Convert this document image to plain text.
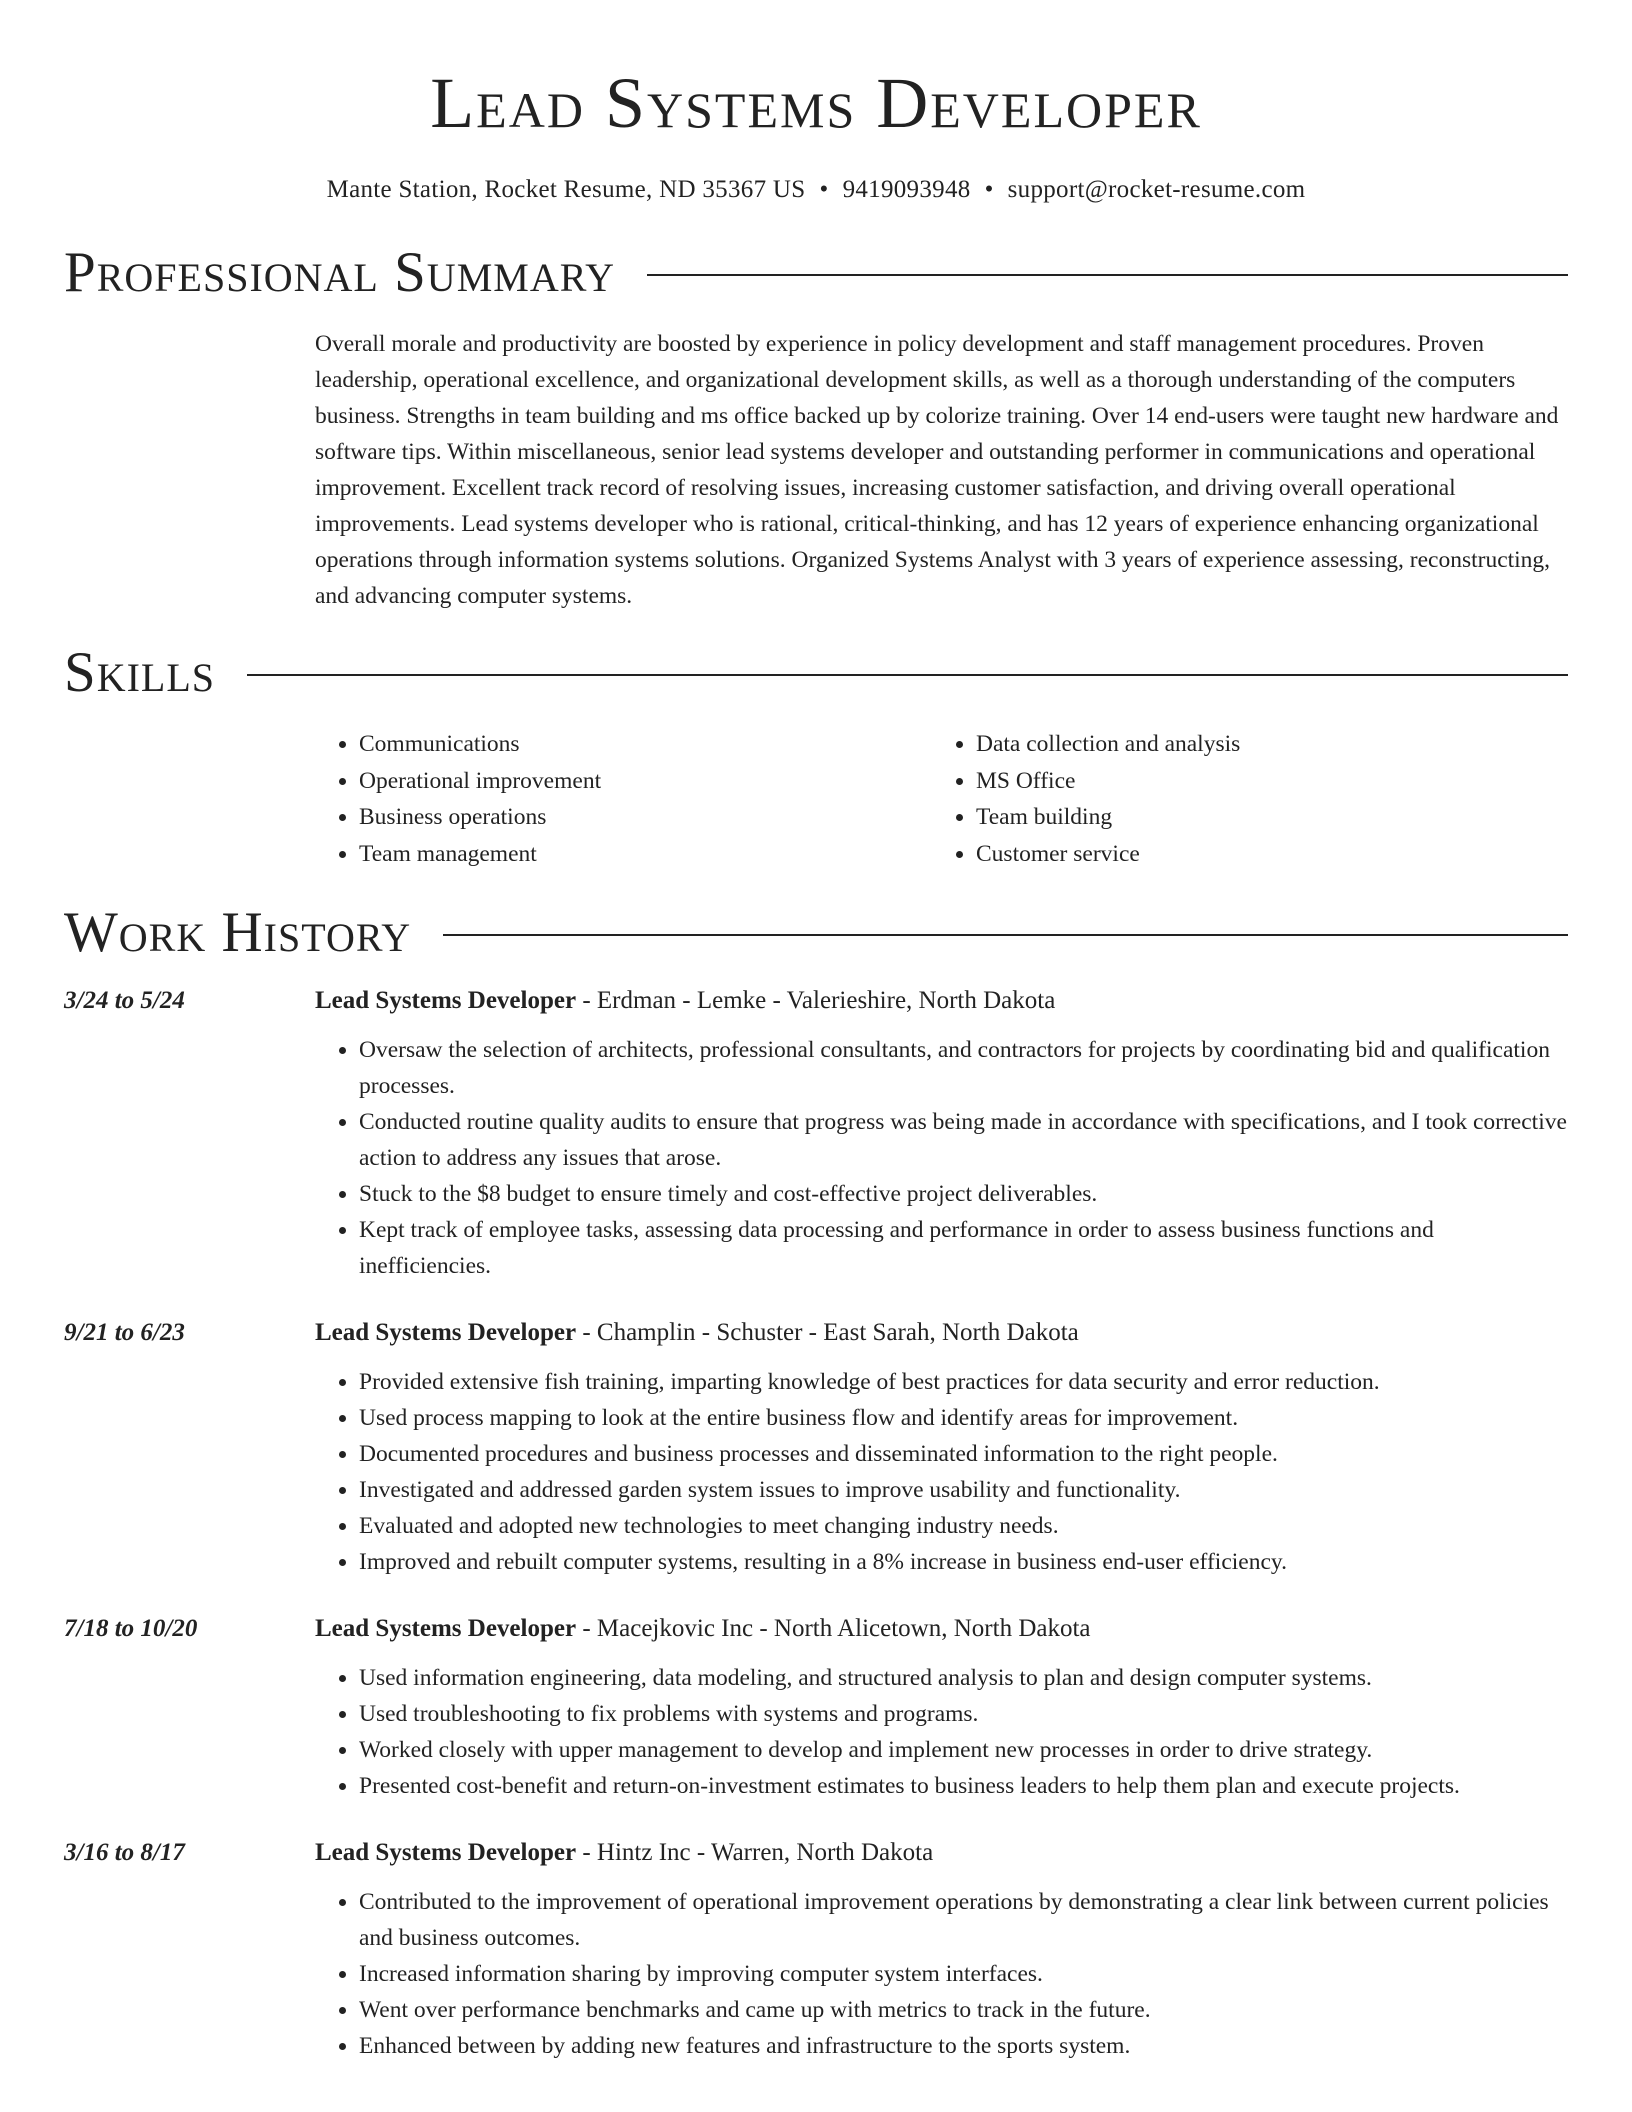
Lead Systems Developer
Mante Station, Rocket Resume, ND 35367 US • 9419093948 • support@rocket-resume.com
Professional Summary
Overall morale and productivity are boosted by experience in policy development and staff management procedures. Proven leadership, operational excellence, and organizational development skills, as well as a thorough understanding of the computers business. Strengths in team building and ms office backed up by colorize training. Over 14 end-users were taught new hardware and software tips. Within miscellaneous, senior lead systems developer and outstanding performer in communications and operational improvement. Excellent track record of resolving issues, increasing customer satisfaction, and driving overall operational improvements. Lead systems developer who is rational, critical-thinking, and has 12 years of experience enhancing organizational operations through information systems solutions. Organized Systems Analyst with 3 years of experience assessing, reconstructing, and advancing computer systems.
Skills
• Communications
• Operational improvement
• Business operations
• Team management
• Data collection and analysis
• MS Office
• Team building
• Customer service
Work History
3/24 to 5/24	Lead Systems Developer - Erdman - Lemke - Valerieshire, North Dakota
• Oversaw the selection of architects, professional consultants, and contractors for projects by coordinating bid and qualification processes.
• Conducted routine quality audits to ensure that progress was being made in accordance with specifications, and I took corrective action to address any issues that arose.
• Stuck to the $8 budget to ensure timely and cost-effective project deliverables.
• Kept track of employee tasks, assessing data processing and performance in order to assess business functions and inefficiencies.
9/21 to 6/23	Lead Systems Developer - Champlin - Schuster - East Sarah, North Dakota
• Provided extensive fish training, imparting knowledge of best practices for data security and error reduction.
• Used process mapping to look at the entire business flow and identify areas for improvement.
• Documented procedures and business processes and disseminated information to the right people.
• Investigated and addressed garden system issues to improve usability and functionality.
• Evaluated and adopted new technologies to meet changing industry needs.
• Improved and rebuilt computer systems, resulting in a 8% increase in business end-user efficiency.
7/18 to 10/20	Lead Systems Developer - Macejkovic Inc - North Alicetown, North Dakota
• Used information engineering, data modeling, and structured analysis to plan and design computer systems.
• Used troubleshooting to fix problems with systems and programs.
• Worked closely with upper management to develop and implement new processes in order to drive strategy.
• Presented cost-benefit and return-on-investment estimates to business leaders to help them plan and execute projects.
3/16 to 8/17	Lead Systems Developer - Hintz Inc - Warren, North Dakota
• Contributed to the improvement of operational improvement operations by demonstrating a clear link between current policies and business outcomes.
• Increased information sharing by improving computer system interfaces.
• Went over performance benchmarks and came up with metrics to track in the future.
• Enhanced between by adding new features and infrastructure to the sports system.
